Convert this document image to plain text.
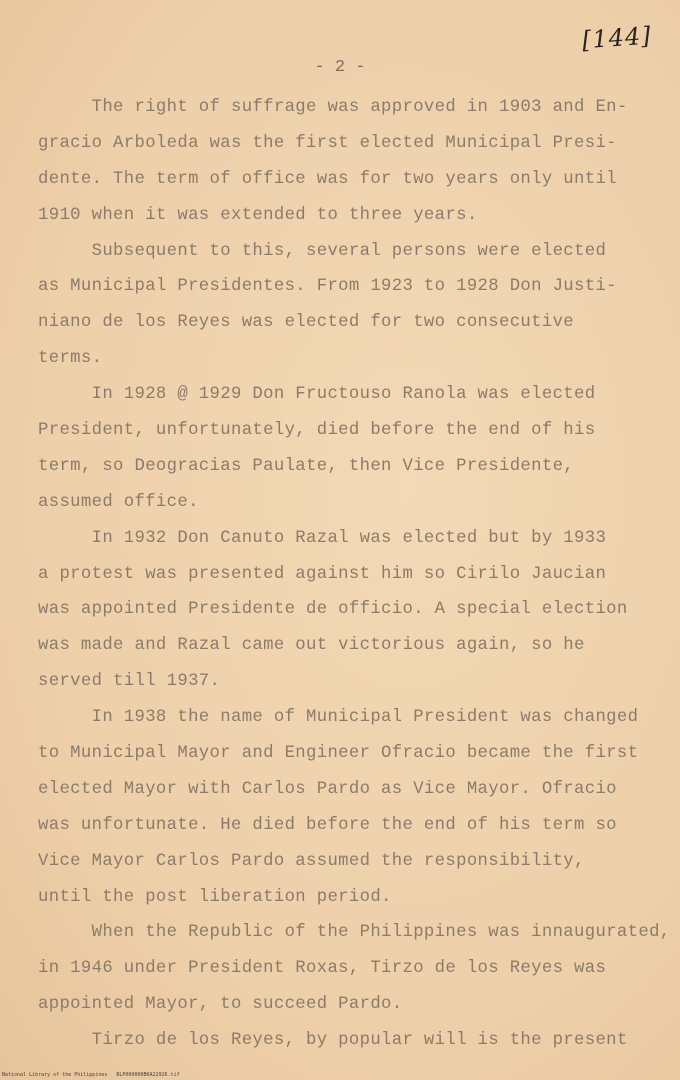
[144]
- 2 -
The right of suffrage was approved in 1903 and En-
gracio Arboleda was the first elected Municipal Presi-
dente. The term of office was for two years only until
1910 when it was extended to three years.
Subsequent to this, several persons were elected
as Municipal Presidentes. From 1923 to 1928 Don Justi-
niano de los Reyes was elected for two consecutive
terms.
In 1928 @ 1929 Don Fructouso Ranola was elected
President, unfortunately, died before the end of his
term, so Deogracias Paulate, then Vice Presidente,
assumed office.
In 1932 Don Canuto Razal was elected but by 1933
a protest was presented against him so Cirilo Jaucian
was appointed Presidente de officio. A special election
was made and Razal came out victorious again, so he
served till 1937.
In 1938 the name of Municipal President was changed
to Municipal Mayor and Engineer Ofracio became the first
elected Mayor with Carlos Pardo as Vice Mayor. Ofracio
was unfortunate. He died before the end of his term so
Vice Mayor Carlos Pardo assumed the responsibility,
until the post liberation period.
When the Republic of the Philippines was innaugurated,
in 1946 under President Roxas, Tirzo de los Reyes was
appointed Mayor, to succeed Pardo.
Tirzo de los Reyes, by popular will is the present
National Library of the Philippines   BLP000000BKA22926.tif
